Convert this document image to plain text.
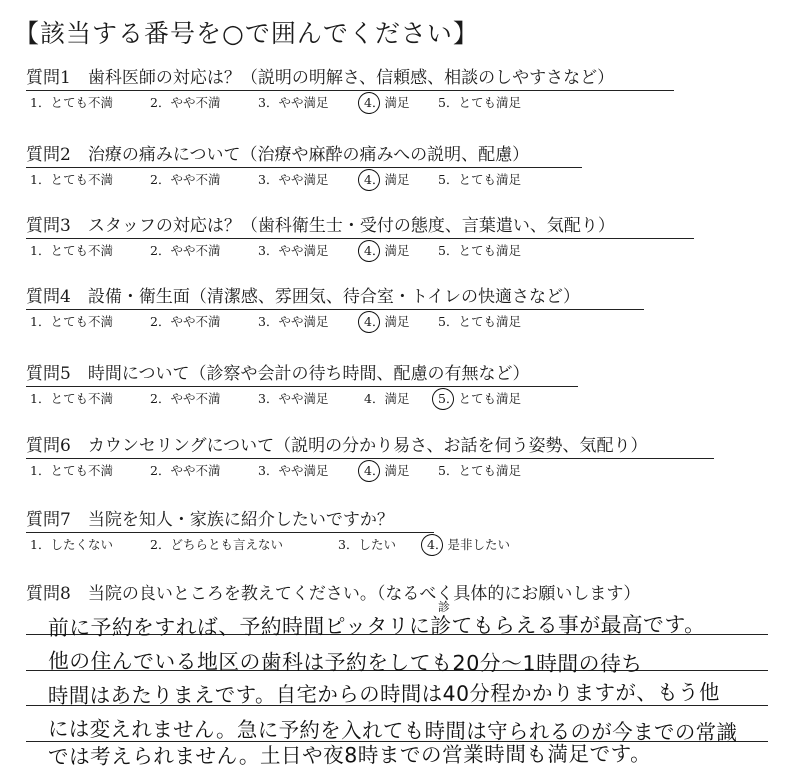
【該当する番号を○で囲んでください】
質問1　歯科医師の対応は？（説明の明解さ、信頼感、相談のしやすさなど）
1．とても不満	2．やや不満	3．やや満足	4．満足 5．とても満足
質問2　治療の痛みについて（治療や麻酔の痛みへの説明、配慮）
1．とても不満	2．やや不満	3．やや満足	4．満足 5．とても満足
質問3　スタッフの対応は？（歯科衛生士・受付の態度、言葉遣い、気配り）
1．とても不満	2．やや不満	3．やや満足	4．満足 5．とても満足
質問4　設備・衛生面（清潔感、雰囲気、待合室・トイレの快適さなど）
1．とても不満	2．やや不満	3．やや満足	4．満足 5．とても満足
質問5　時間について（診察や会計の待ち時間、配慮の有無など）
1．とても不満	2．やや不満	3．やや満足	4．満足 5．とても満足
質問6　カウンセリングについて（説明の分かり易さ、お話を伺う姿勢、気配り）
1．とても不満	2．やや不満	3．やや満足	4．満足 5．とても満足
質問7　当院を知人・家族に紹介したいですか？
1．したくない	2．どちらとも言えない	3．したい 4．是非したい
質問8　当院の良いところを教えてください。（なるべく具体的にお願いします）
前に予約をすれば、予約時間ピッタリに診てもらえる事が最高です。
他の住んでいる地区の歯科は予約をしても20分〜1時間の待ち
時間はあたりまえです。自宅からの時間は40分程かかりますが、もう他
には変えれません。急に予約を入れても時間は守られるのが今までの常識
では考えられません。土日や夜8時までの営業時間も満足です。
診
